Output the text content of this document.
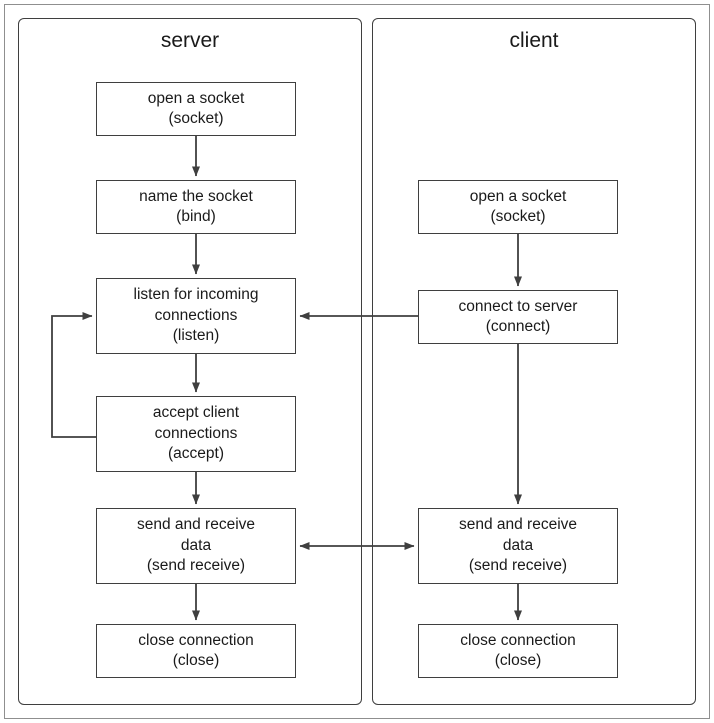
server	client
open a socket
(socket)
name the socket
(bind)
listen for incoming
connections
(listen)
accept client
connections
(accept)
send and receive
data
(send receive)
close connection
(close)
open a socket
(socket)
connect to server
(connect)
send and receive
data
(send receive)
close connection
(close)
